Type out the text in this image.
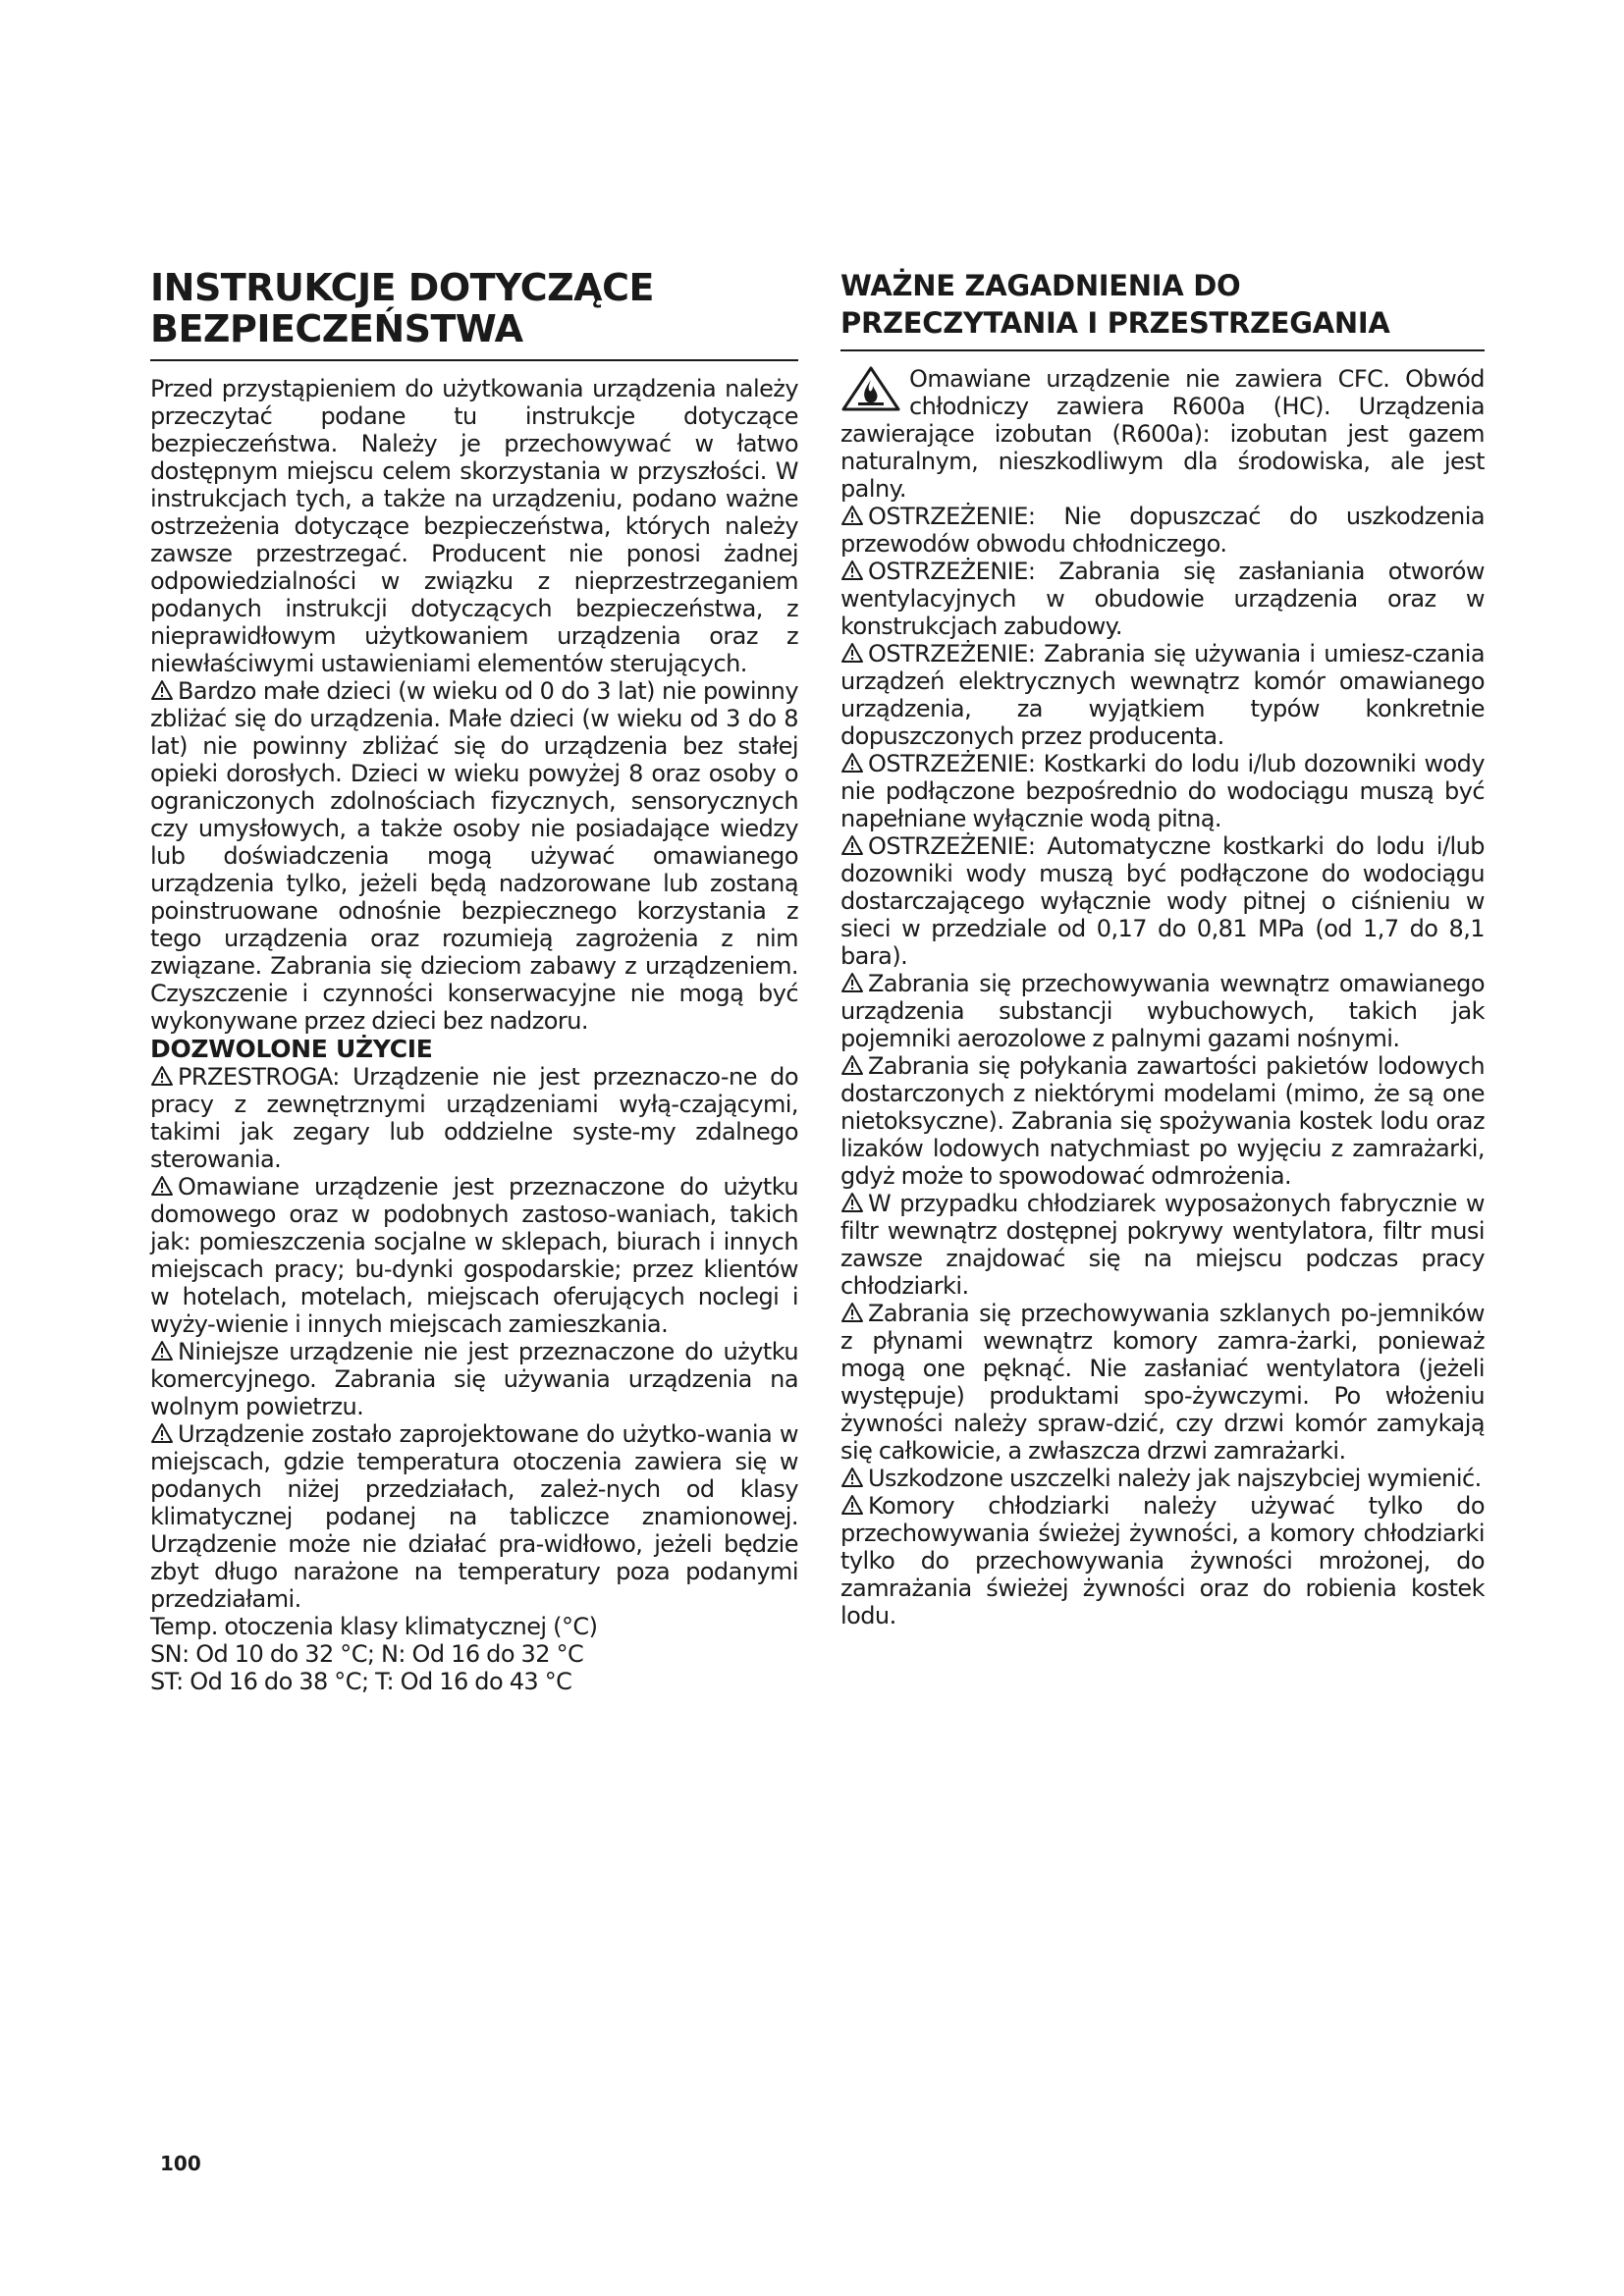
INSTRUKCJE DOTYCZĄCE
BEZPIECZEŃSTWA

Przed przystąpieniem do użytkowania urządzenia należy przeczytać podane tu instrukcje dotyczące bezpieczeństwa. Należy je przechowywać w łatwo dostępnym miejscu celem skorzystania w przyszłości. W instrukcjach tych, a także na urządzeniu, podano ważne ostrzeżenia dotyczące bezpieczeństwa, których należy zawsze przestrzegać. Producent nie ponosi żadnej odpowiedzialności w związku z nieprzestrzeganiem podanych instrukcji dotyczących bezpieczeństwa, z nieprawidłowym użytkowaniem urządzenia oraz z niewłaściwymi ustawieniami elementów sterujących.

Bardzo małe dzieci (w wieku od 0 do 3 lat) nie powinny zbliżać się do urządzenia. Małe dzieci (w wieku od 3 do 8 lat) nie powinny zbliżać się do urządzenia bez stałej opieki dorosłych. Dzieci w wieku powyżej 8 oraz osoby o ograniczonych zdolnościach fizycznych, sensorycznych czy umysłowych, a także osoby nie posiadające wiedzy lub doświadczenia mogą używać omawianego urządzenia tylko, jeżeli będą nadzorowane lub zostaną poinstruowane odnośnie bezpiecznego korzystania z tego urządzenia oraz rozumieją zagrożenia z nim związane. Zabrania się dzieciom zabawy z urządzeniem. Czyszczenie i czynności konserwacyjne nie mogą być wykonywane przez dzieci bez nadzoru.

DOZWOLONE UŻYCIE

PRZESTROGA: Urządzenie nie jest przeznaczo-ne do pracy z zewnętrznymi urządzeniami wyłą-czającymi, takimi jak zegary lub oddzielne syste-my zdalnego sterowania.

Omawiane urządzenie jest przeznaczone do użytku domowego oraz w podobnych zastoso-waniach, takich jak: pomieszczenia socjalne w sklepach, biurach i innych miejscach pracy; bu-dynki gospodarskie; przez klientów w hotelach, motelach, miejscach oferujących noclegi i wyży-wienie i innych miejscach zamieszkania.

Niniejsze urządzenie nie jest przeznaczone do użytku komercyjnego. Zabrania się używania urządzenia na wolnym powietrzu.

Urządzenie zostało zaprojektowane do użytko-wania w miejscach, gdzie temperatura otoczenia zawiera się w podanych niżej przedziałach, zależ-nych od klasy klimatycznej podanej na tabliczce znamionowej. Urządzenie może nie działać pra-widłowo, jeżeli będzie zbyt długo narażone na temperatury poza podanymi przedziałami.

Temp. otoczenia klasy klimatycznej (°C)

SN: Od 10 do 32 °C; N: Od 16 do 32 °C

ST: Od 16 do 38 °C; T: Od 16 do 43 °C

WAŻNE ZAGADNIENIA DO
PRZECZYTANIA I PRZESTRZEGANIA

Omawiane urządzenie nie zawiera CFC. Obwód chłodniczy zawiera R600a (HC). Urządzenia zawierające izobutan (R600a): izobutan jest gazem naturalnym, nieszkodliwym dla środowiska, ale jest palny.

OSTRZEŻENIE: Nie dopuszczać do uszkodzenia przewodów obwodu chłodniczego.

OSTRZEŻENIE: Zabrania się zasłaniania otworów wentylacyjnych w obudowie urządzenia oraz w konstrukcjach zabudowy.

OSTRZEŻENIE: Zabrania się używania i umiesz-czania urządzeń elektrycznych wewnątrz komór omawianego urządzenia, za wyjątkiem typów konkretnie dopuszczonych przez producenta.

OSTRZEŻENIE: Kostkarki do lodu i/lub dozowniki wody nie podłączone bezpośrednio do wodociągu muszą być napełniane wyłącznie wodą pitną.

OSTRZEŻENIE: Automatyczne kostkarki do lodu i/lub dozowniki wody muszą być podłączone do wodociągu dostarczającego wyłącznie wody pitnej o ciśnieniu w sieci w przedziale od 0,17 do 0,81 MPa (od 1,7 do 8,1 bara).

Zabrania się przechowywania wewnątrz omawianego urządzenia substancji wybuchowych, takich jak pojemniki aerozolowe z palnymi gazami nośnymi.

Zabrania się połykania zawartości pakietów lodowych dostarczonych z niektórymi modelami (mimo, że są one nietoksyczne). Zabrania się spożywania kostek lodu oraz lizaków lodowych natychmiast po wyjęciu z zamrażarki, gdyż może to spowodować odmrożenia.

W przypadku chłodziarek wyposażonych fabrycznie w filtr wewnątrz dostępnej pokrywy wentylatora, filtr musi zawsze znajdować się na miejscu podczas pracy chłodziarki.

Zabrania się przechowywania szklanych po-jemników z płynami wewnątrz komory zamra-żarki, ponieważ mogą one pęknąć. Nie zasłaniać wentylatora (jeżeli występuje) produktami spo-żywczymi. Po włożeniu żywności należy spraw-dzić, czy drzwi komór zamykają się całkowicie, a zwłaszcza drzwi zamrażarki.

Uszkodzone uszczelki należy jak najszybciej wymienić.

Komory chłodziarki należy używać tylko do przechowywania świeżej żywności, a komory chłodziarki tylko do przechowywania żywności mrożonej, do zamrażania świeżej żywności oraz do robienia kostek lodu.

100
